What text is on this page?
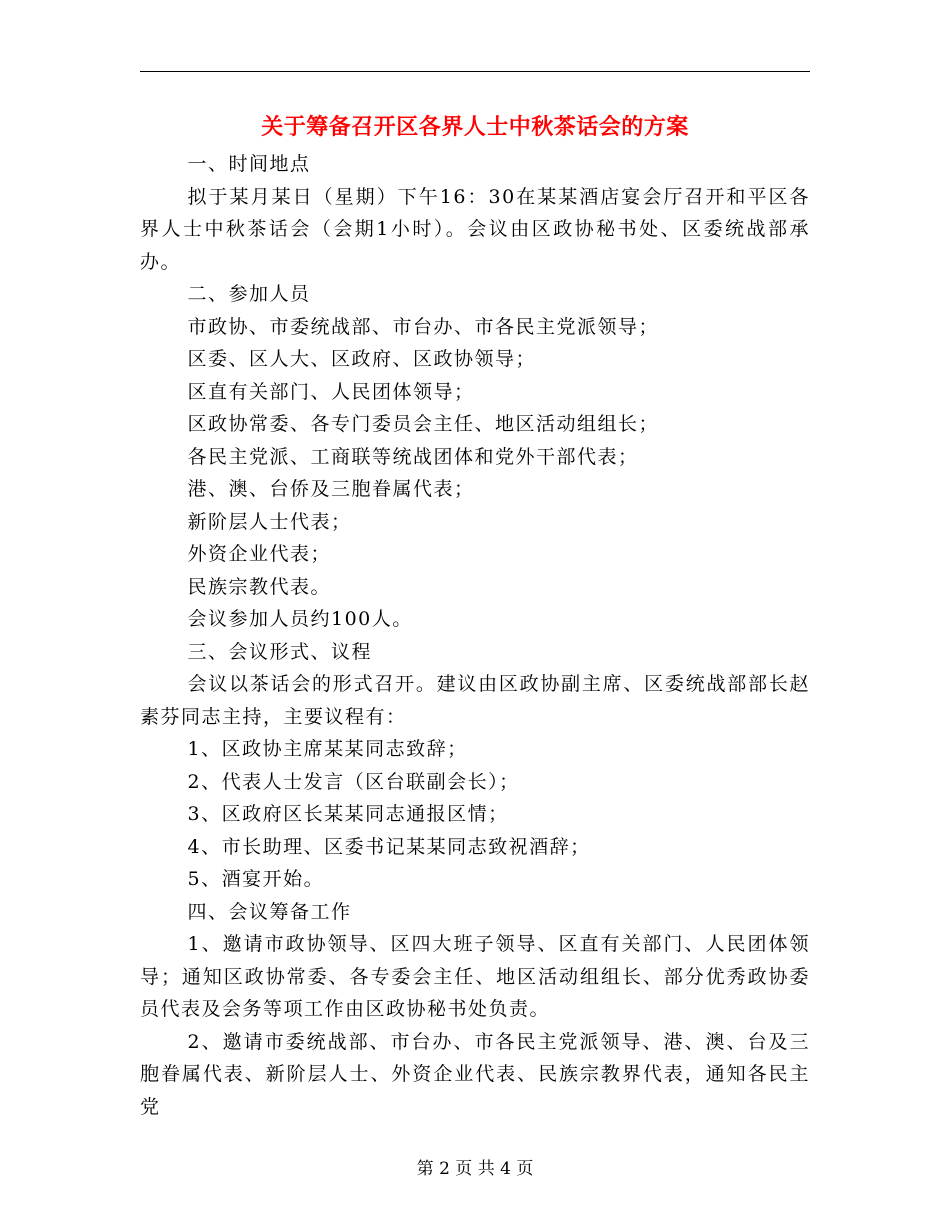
关于筹备召开区各界人士中秋茶话会的方案

一、时间地点

拟于某月某日（星期）下午16：30在某某酒店宴会厅召开和平区各界人士中秋茶话会（会期1小时）。会议由区政协秘书处、区委统战部承办。

二、参加人员

市政协、市委统战部、市台办、市各民主党派领导；

区委、区人大、区政府、区政协领导；

区直有关部门、人民团体领导；

区政协常委、各专门委员会主任、地区活动组组长；

各民主党派、工商联等统战团体和党外干部代表；

港、澳、台侨及三胞眷属代表；

新阶层人士代表；

外资企业代表；

民族宗教代表。

会议参加人员约100人。

三、会议形式、议程

会议以茶话会的形式召开。建议由区政协副主席、区委统战部部长赵素芬同志主持，主要议程有：

1、区政协主席某某同志致辞；

2、代表人士发言（区台联副会长）；

3、区政府区长某某同志通报区情；

4、市长助理、区委书记某某同志致祝酒辞；

5、酒宴开始。

四、会议筹备工作

1、邀请市政协领导、区四大班子领导、区直有关部门、人民团体领导；通知区政协常委、各专委会主任、地区活动组组长、部分优秀政协委员代表及会务等项工作由区政协秘书处负责。

2、邀请市委统战部、市台办、市各民主党派领导、港、澳、台及三胞眷属代表、新阶层人士、外资企业代表、民族宗教界代表，通知各民主党

第 2 页 共 4 页
